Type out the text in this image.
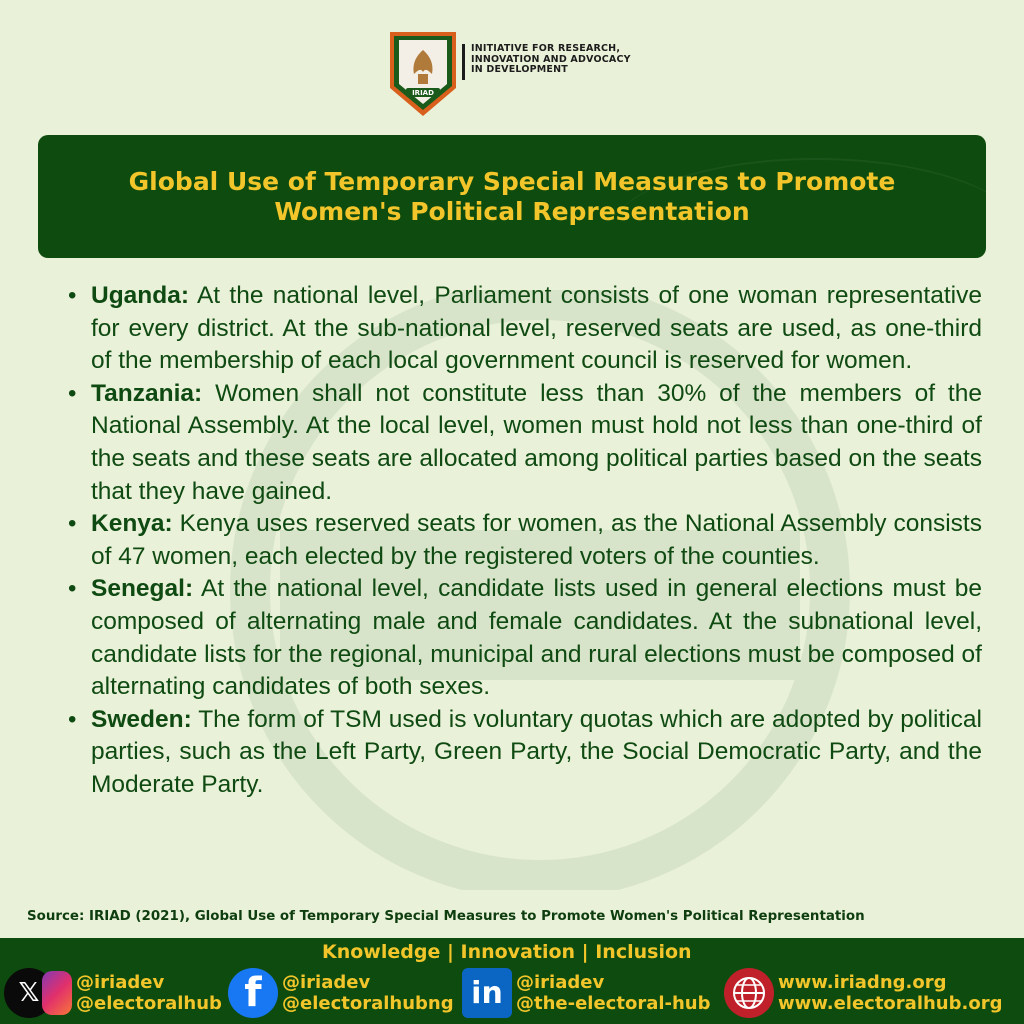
INITIATIVE FOR RESEARCH,
INNOVATION AND ADVOCACY
IN DEVELOPMENT
IRIAD
Global Use of Temporary Special Measures to Promote Women's Political Representation
• Uganda: At the national level, Parliament consists of one woman representative for every district. At the sub-national level, reserved seats are used, as one-third of the membership of each local government council is reserved for women.
• Tanzania: Women shall not constitute less than 30% of the members of the National Assembly. At the local level, women must hold not less than one-third of the seats and these seats are allocated among political parties based on the seats that they have gained.
• Kenya: Kenya uses reserved seats for women, as the National Assembly consists of 47 women, each elected by the registered voters of the counties.
• Senegal: At the national level, candidate lists used in general elections must be composed of alternating male and female candidates. At the subnational level, candidate lists for the regional, municipal and rural elections must be composed of alternating candidates of both sexes.
• Sweden: The form of TSM used is voluntary quotas which are adopted by political parties, such as the Left Party, Green Party, the Social Democratic Party, and the Moderate Party.
Source: IRIAD (2021), Global Use of Temporary Special Measures to Promote Women's Political Representation
Knowledge | Innovation | Inclusion
𝕏	@iriadev
@electoralhub f	@iriadev
@electoralhubng in @iriadev
@the-electoral-hub
www.iriadng.org
www.electoralhub.org
